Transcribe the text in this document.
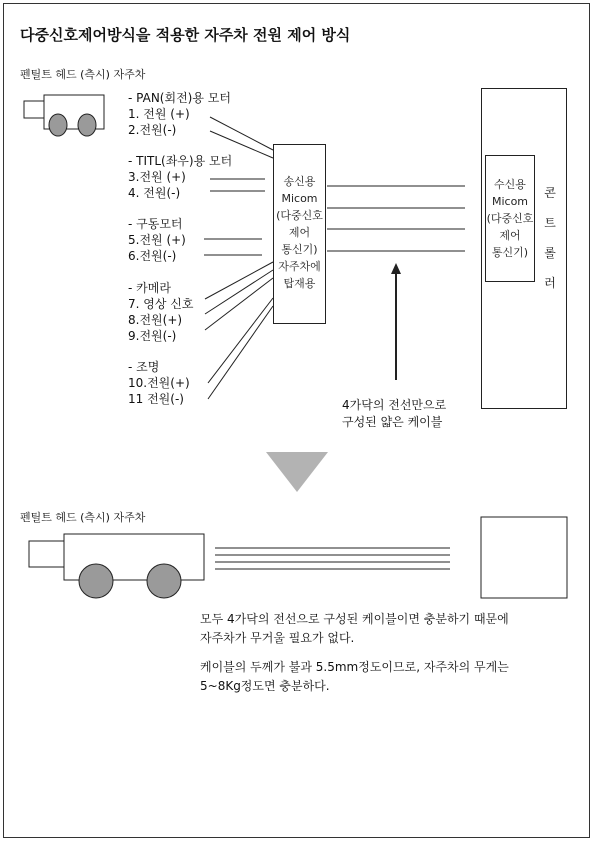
다중신호제어방식을 적용한 자주차 전원 제어 방식
펜틸트 헤드 (측시) 자주차
- PAN(회전)용 모터
1. 전원 (+)
2.전원(-)
- TITL(좌우)용 모터
3.전원 (+)
4. 전원(-)
- 구동모터
5.전원 (+)
6.전원(-)
- 카메라
7. 영상 신호
8.전원(+)
9.전원(-)
- 조명
10.전원(+)
11 전원(-)
송신용
Micom
(다중신호
제어
통신기)
자주차에
탑재용
수신용
Micom
(다중신호
제어
통신기)
콘
트
롤
러
4가닥의 전선만으로
구성된 얇은 케이블
펜틸트 헤드 (측시) 자주차
모두 4가닥의 전선으로 구성된 케이블이면 충분하기 때문에
자주차가 무거울 필요가 없다.
케이블의 두께가 불과 5.5mm정도이므로, 자주차의 무게는
5~8Kg정도면 충분하다.
